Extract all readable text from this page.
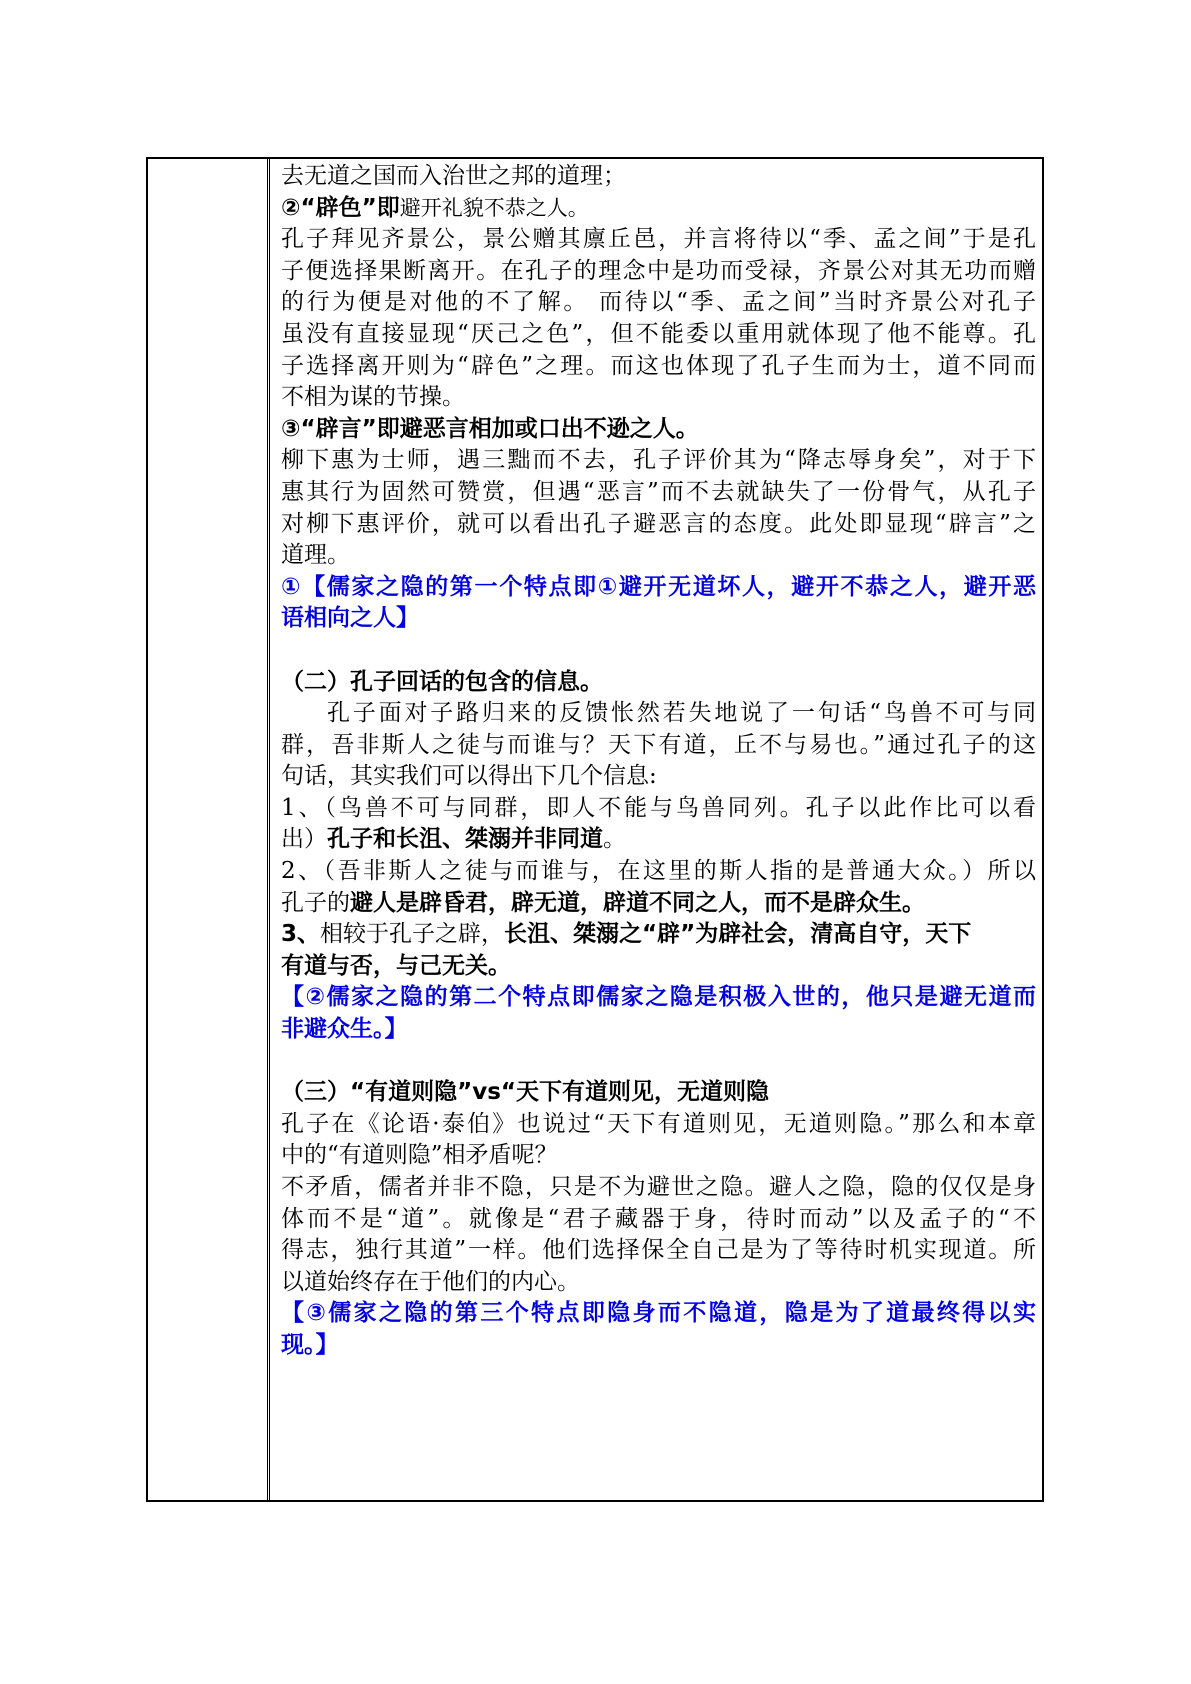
去无道之国而入治世之邦的道理；
②“辟色”即避开礼貌不恭之人。
孔子拜见齐景公，景公赠其廪丘邑，并言将待以“季、孟之间”于是孔
子便选择果断离开。在孔子的理念中是功而受禄，齐景公对其无功而赠
的行为便是对他的不了解。 而待以“季、孟之间”当时齐景公对孔子
虽没有直接显现“厌己之色”，但不能委以重用就体现了他不能尊。孔
子选择离开则为“辟色”之理。而这也体现了孔子生而为士，道不同而
不相为谋的节操。
③“辟言”即避恶言相加或口出不逊之人。
柳下惠为士师，遇三黜而不去，孔子评价其为“降志辱身矣”，对于下
惠其行为固然可赞赏，但遇“恶言”而不去就缺失了一份骨气，从孔子
对柳下惠评价，就可以看出孔子避恶言的态度。此处即显现“辟言”之
道理。
①【儒家之隐的第一个特点即①避开无道坏人，避开不恭之人，避开恶
语相向之人】
（二）孔子回话的包含的信息。
孔子面对子路归来的反馈怅然若失地说了一句话“鸟兽不可与同
群，吾非斯人之徒与而谁与？天下有道，丘不与易也。”通过孔子的这
句话，其实我们可以得出下几个信息:
1、（鸟兽不可与同群，即人不能与鸟兽同列。孔子以此作比可以看
出）孔子和长沮、桀溺并非同道。
2、（吾非斯人之徒与而谁与，在这里的斯人指的是普通大众。）所以
孔子的避人是辟昏君，辟无道，辟道不同之人，而不是辟众生。
3、相较于孔子之辟，长沮、桀溺之“辟”为辟社会，清高自守，天下
有道与否，与己无关。
【②儒家之隐的第二个特点即儒家之隐是积极入世的，他只是避无道而
非避众生。】
（三）“有道则隐”vs“天下有道则见，无道则隐
孔子在《论语·泰伯》也说过“天下有道则见，无道则隐。”那么和本章
中的“有道则隐”相矛盾呢？
不矛盾，儒者并非不隐，只是不为避世之隐。避人之隐，隐的仅仅是身
体而不是“道”。就像是“君子藏器于身，待时而动”以及孟子的“不
得志，独行其道”一样。他们选择保全自己是为了等待时机实现道。所
以道始终存在于他们的内心。
【③儒家之隐的第三个特点即隐身而不隐道，隐是为了道最终得以实
现。】
